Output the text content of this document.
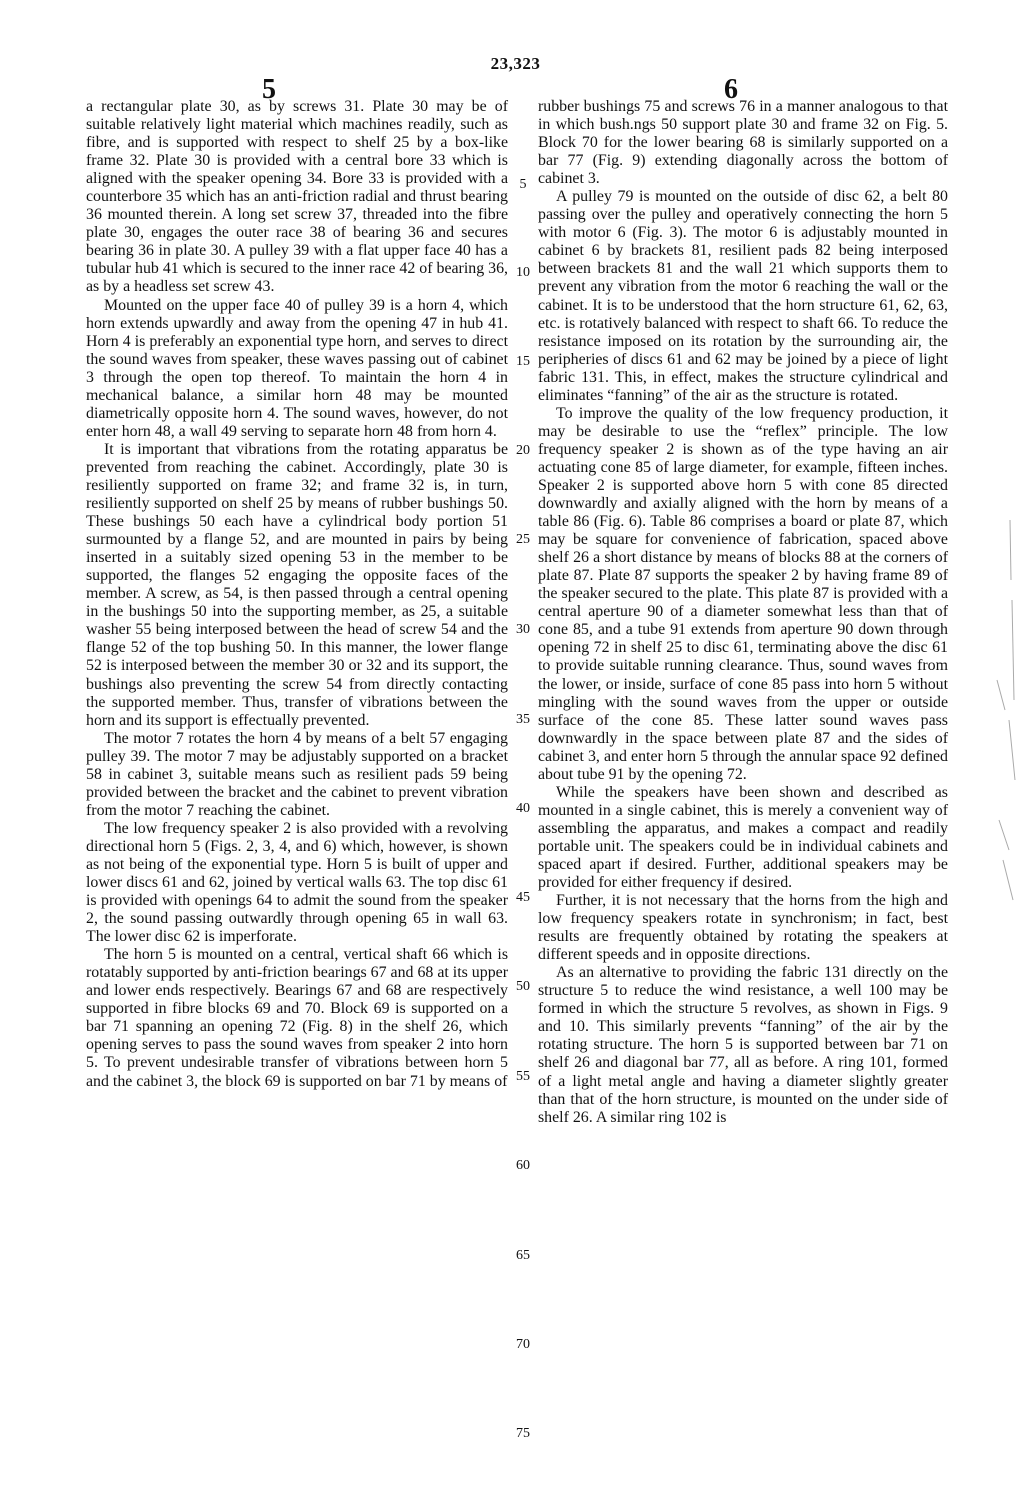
23,323
5	6

a rectangular plate 30, as by screws 31. Plate 30 may be of suitable relatively light material which machines readily, such as fibre, and is supported with respect to shelf 25 by a box-like frame 32. Plate 30 is provided with a central bore 33 which is aligned with the speaker opening 34. Bore 33 is provided with a counterbore 35 which has an anti-friction radial and thrust bearing 36 mounted therein. A long set screw 37, threaded into the fibre plate 30, engages the outer race 38 of bearing 36 and secures bearing 36 in plate 30. A pulley 39 with a flat upper face 40 has a tubular hub 41 which is secured to the inner race 42 of bearing 36, as by a headless set screw 43.

Mounted on the upper face 40 of pulley 39 is a horn 4, which horn extends upwardly and away from the opening 47 in hub 41. Horn 4 is preferably an exponential type horn, and serves to direct the sound waves from speaker, these waves passing out of cabinet 3 through the open top thereof. To maintain the horn 4 in mechanical balance, a similar horn 48 may be mounted diametrically opposite horn 4. The sound waves, however, do not enter horn 48, a wall 49 serving to separate horn 48 from horn 4.

It is important that vibrations from the rotating apparatus be prevented from reaching the cabinet. Accordingly, plate 30 is resiliently supported on frame 32; and frame 32 is, in turn, resiliently supported on shelf 25 by means of rubber bushings 50. These bushings 50 each have a cylindrical body portion 51 surmounted by a flange 52, and are mounted in pairs by being inserted in a suitably sized opening 53 in the member to be supported, the flanges 52 engaging the opposite faces of the member. A screw, as 54, is then passed through a central opening in the bushings 50 into the supporting member, as 25, a suitable washer 55 being interposed between the head of screw 54 and the flange 52 of the top bushing 50. In this manner, the lower flange 52 is interposed between the member 30 or 32 and its support, the bushings also preventing the screw 54 from directly contacting the supported member. Thus, transfer of vibrations between the horn and its support is effectually prevented.

The motor 7 rotates the horn 4 by means of a belt 57 engaging pulley 39. The motor 7 may be adjustably supported on a bracket 58 in cabinet 3, suitable means such as resilient pads 59 being provided between the bracket and the cabinet to prevent vibration from the motor 7 reaching the cabinet.

The low frequency speaker 2 is also provided with a revolving directional horn 5 (Figs. 2, 3, 4, and 6) which, however, is shown as not being of the exponential type. Horn 5 is built of upper and lower discs 61 and 62, joined by vertical walls 63. The top disc 61 is provided with openings 64 to admit the sound from the speaker 2, the sound passing outwardly through opening 65 in wall 63. The lower disc 62 is imperforate.

The horn 5 is mounted on a central, vertical shaft 66 which is rotatably supported by anti-friction bearings 67 and 68 at its upper and lower ends respectively. Bearings 67 and 68 are respectively supported in fibre blocks 69 and 70. Block 69 is supported on a bar 71 spanning an opening 72 (Fig. 8) in the shelf 26, which opening serves to pass the sound waves from speaker 2 into horn 5. To prevent undesirable transfer of vibrations between horn 5 and the cabinet 3, the block 69 is supported on bar 71 by means of

rubber bushings 75 and screws 76 in a manner analogous to that in which bush.ngs 50 support plate 30 and frame 32 on Fig. 5. Block 70 for the lower bearing 68 is similarly supported on a bar 77 (Fig. 9) extending diagonally across the bottom of cabinet 3.

A pulley 79 is mounted on the outside of disc 62, a belt 80 passing over the pulley and operatively connecting the horn 5 with motor 6 (Fig. 3). The motor 6 is adjustably mounted in cabinet 6 by brackets 81, resilient pads 82 being interposed between brackets 81 and the wall 21 which supports them to prevent any vibration from the motor 6 reaching the wall or the cabinet. It is to be understood that the horn structure 61, 62, 63, etc. is rotatively balanced with respect to shaft 66. To reduce the resistance imposed on its rotation by the surrounding air, the peripheries of discs 61 and 62 may be joined by a piece of light fabric 131. This, in effect, makes the structure cylindrical and eliminates “fanning” of the air as the structure is rotated.

To improve the quality of the low frequency production, it may be desirable to use the “reflex” principle. The low frequency speaker 2 is shown as of the type having an air actuating cone 85 of large diameter, for example, fifteen inches. Speaker 2 is supported above horn 5 with cone 85 directed downwardly and axially aligned with the horn by means of a table 86 (Fig. 6). Table 86 comprises a board or plate 87, which may be square for convenience of fabrication, spaced above shelf 26 a short distance by means of blocks 88 at the corners of plate 87. Plate 87 supports the speaker 2 by having frame 89 of the speaker secured to the plate. This plate 87 is provided with a central aperture 90 of a diameter somewhat less than that of cone 85, and a tube 91 extends from aperture 90 down through opening 72 in shelf 25 to disc 61, terminating above the disc 61 to provide suitable running clearance. Thus, sound waves from the lower, or inside, surface of cone 85 pass into horn 5 without mingling with the sound waves from the upper or outside surface of the cone 85. These latter sound waves pass downwardly in the space between plate 87 and the sides of cabinet 3, and enter horn 5 through the annular space 92 defined about tube 91 by the opening 72.

While the speakers have been shown and described as mounted in a single cabinet, this is merely a convenient way of assembling the apparatus, and makes a compact and readily portable unit. The speakers could be in individual cabinets and spaced apart if desired. Further, additional speakers may be provided for either frequency if desired.

Further, it is not necessary that the horns from the high and low frequency speakers rotate in synchronism; in fact, best results are frequently obtained by rotating the speakers at different speeds and in opposite directions.

As an alternative to providing the fabric 131 directly on the structure 5 to reduce the wind resistance, a well 100 may be formed in which the structure 5 revolves, as shown in Figs. 9 and 10. This similarly prevents “fanning” of the air by the rotating structure. The horn 5 is supported between bar 71 on shelf 26 and diagonal bar 77, all as before. A ring 101, formed of a light metal angle and having a diameter slightly greater than that of the horn structure, is mounted on the under side of shelf 26. A similar ring 102 is

5
10
15
20
25
30
35
40
45
50
55
60
65
70
75
